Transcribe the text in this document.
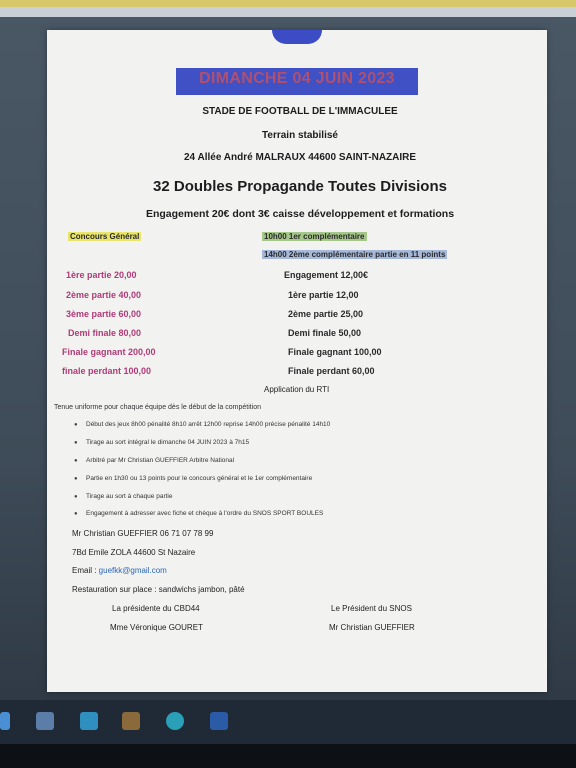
DIMANCHE 04 JUIN 2023
STADE DE FOOTBALL DE L'IMMACULEE
Terrain stabilisé
24 Allée André MALRAUX 44600 SAINT-NAZAIRE
32 Doubles Propagande Toutes Divisions
Engagement 20€ dont 3€ caisse développement et formations
Concours Général	10h00 1er complémentaire
14h00 2ème complémentaire partie en 11 points
1ère partie 20,00
2ème partie 40,00
3ème partie 60,00
Demi finale 80,00
Finale gagnant 200,00
finale perdant 100,00
Engagement 12,00€
1ère partie 12,00
2ème partie 25,00
Demi finale 50,00
Finale gagnant 100,00
Finale perdant 60,00
Application du RTI
Tenue uniforme pour chaque équipe dès le début de la compétition
● Début des jeux 8h00 pénalité 8h10 arrêt 12h00 reprise 14h00 précise pénalité 14h10
● Tirage au sort intégral le dimanche 04 JUIN 2023 à 7h15
● Arbitré par Mr Christian GUEFFIER Arbitre National
● Partie en 1h30 ou 13 points pour le concours général et le 1er complémentaire
● Tirage au sort à chaque partie
● Engagement à adresser avec fiche et chèque à l'ordre du SNOS SPORT BOULES
Mr Christian GUEFFIER 06 71 07 78 99
7Bd Emile ZOLA 44600 St Nazaire
Email : guefkk@gmail.com
Restauration sur place : sandwichs jambon, pâté
La présidente du CBD44
Mme Véronique GOURET
Le Président du SNOS
Mr Christian GUEFFIER
